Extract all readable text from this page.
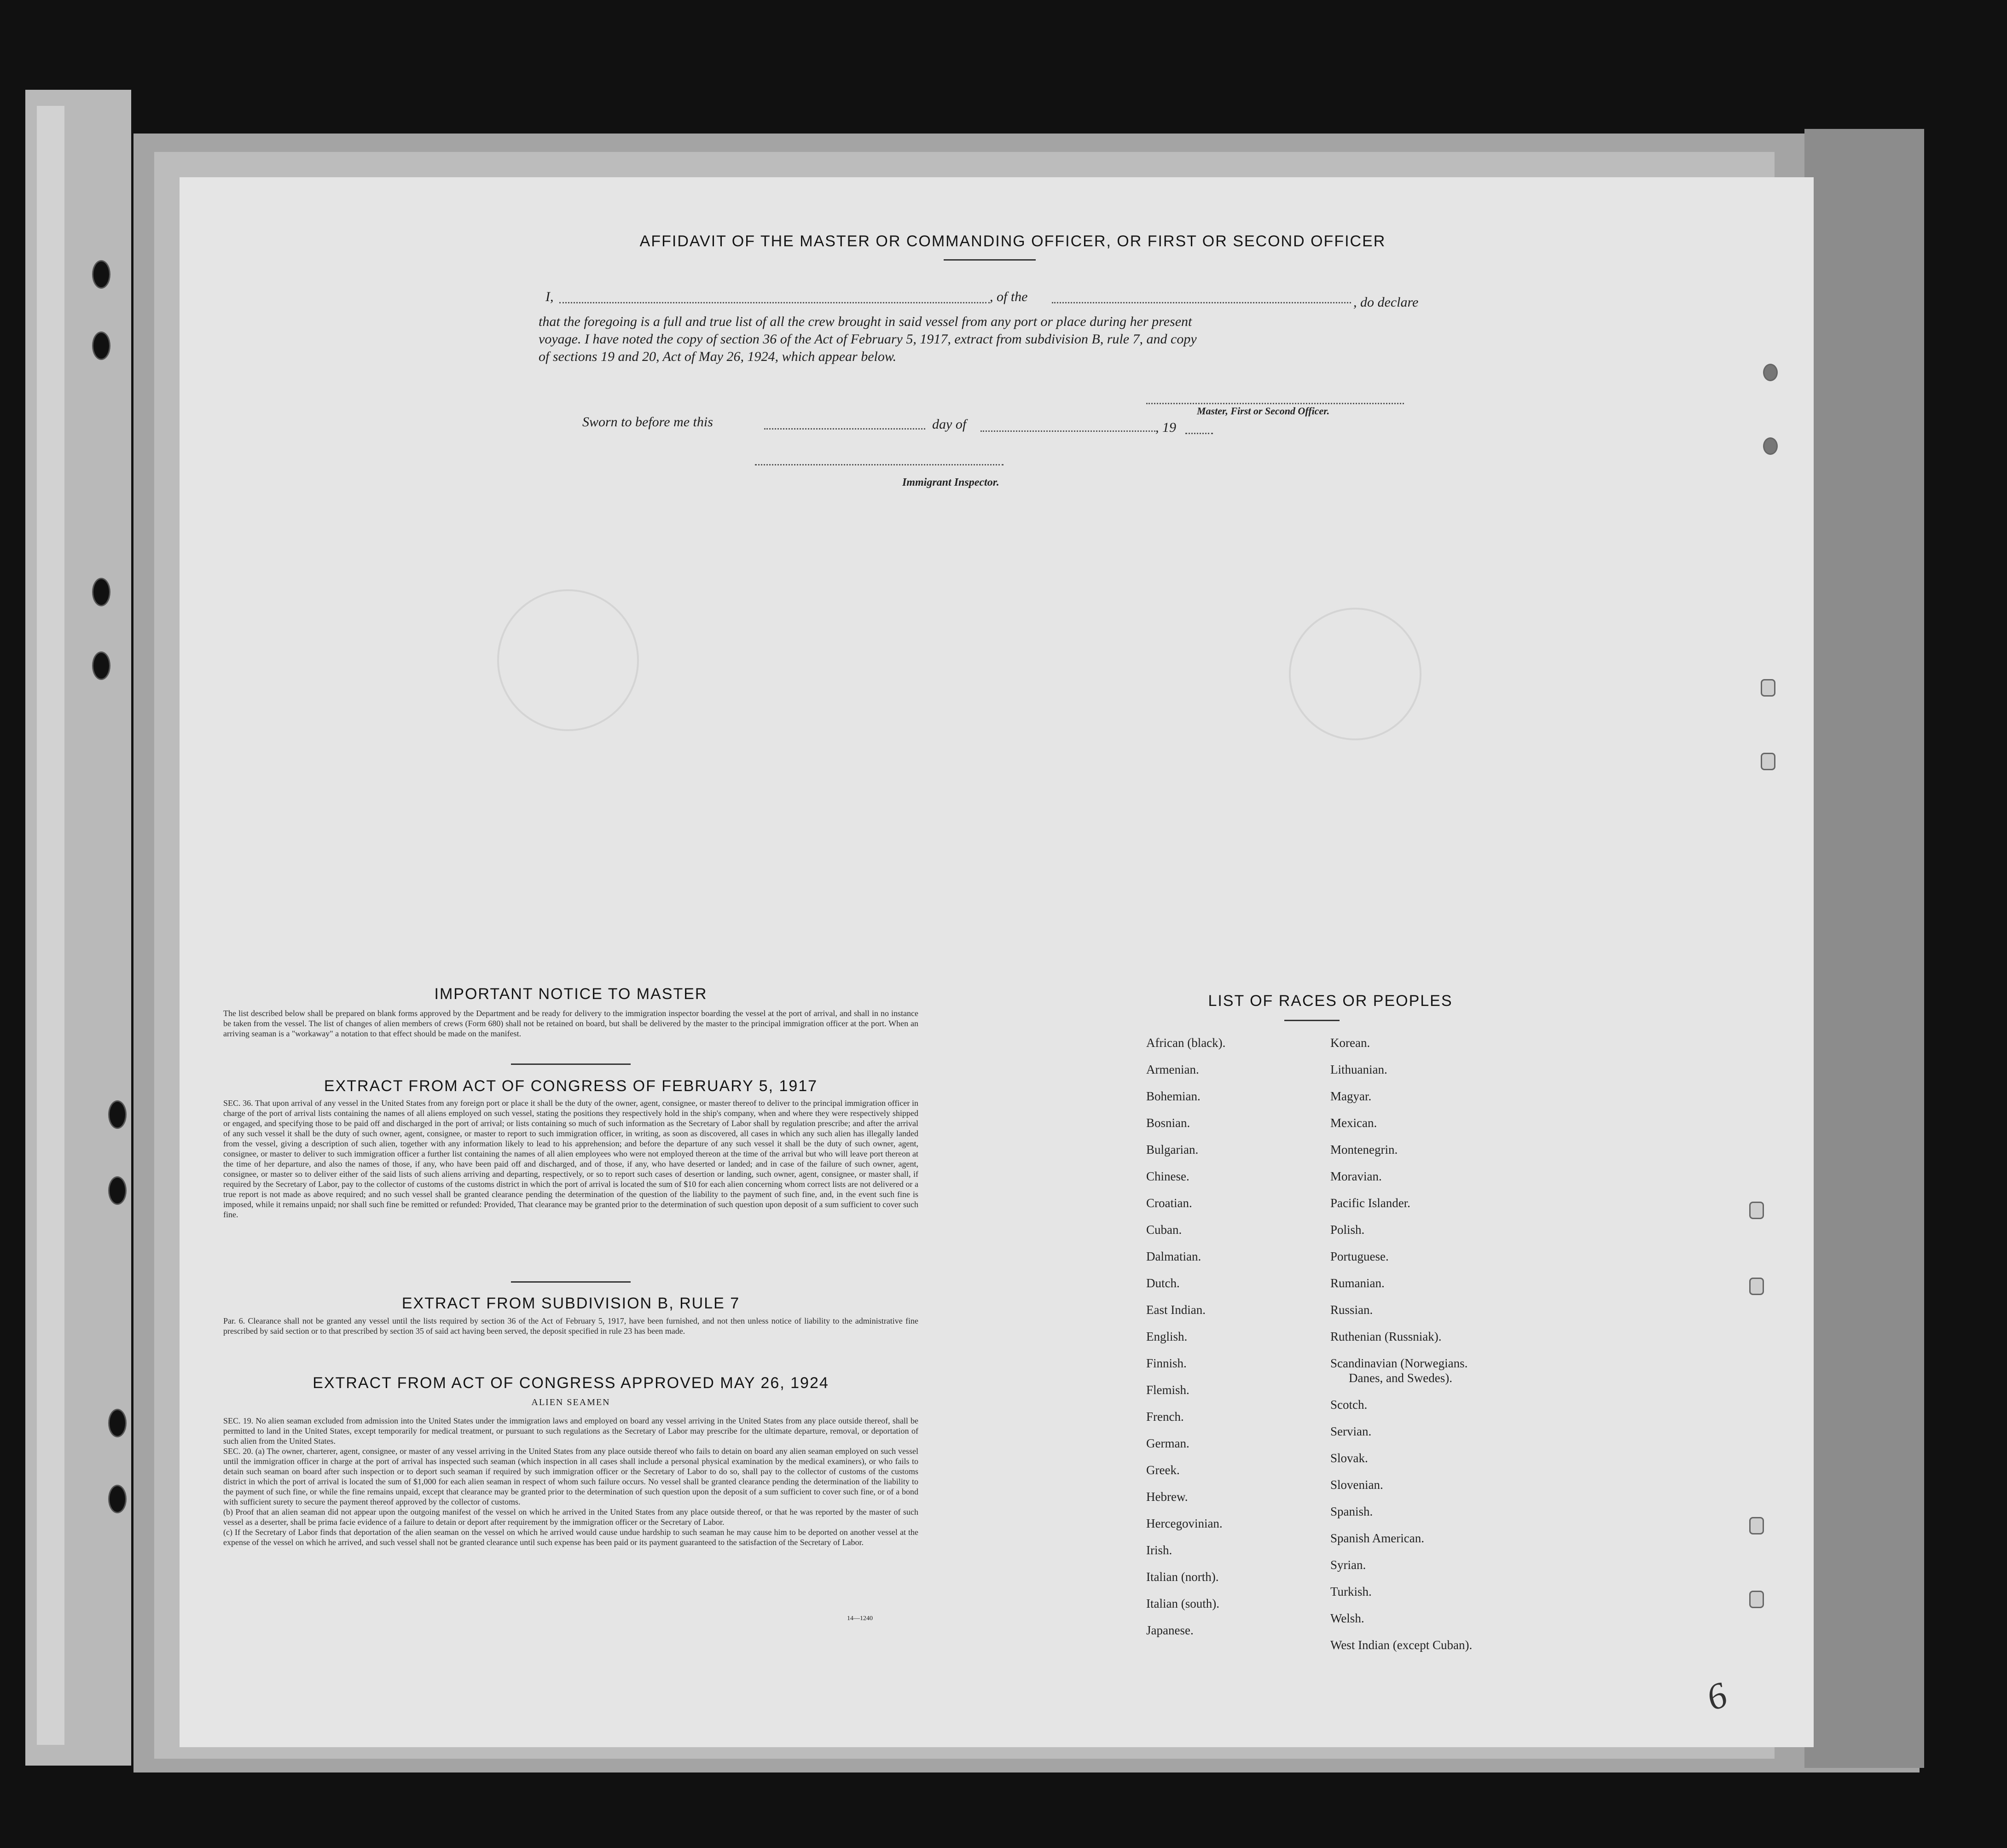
AFFIDAVIT OF THE MASTER OR COMMANDING OFFICER, OR FIRST OR SECOND OFFICER
I,	, of the	, do declare
that the foregoing is a full and true list of all the crew brought in said vessel from any port or place during her present
voyage. I have noted the copy of section 36 of the Act of February 5, 1917, extract from subdivision B, rule 7, and copy
of sections 19 and 20, Act of May 26, 1924, which appear below.
Master, First or Second Officer.
Sworn to before me this	day of	, 19
Immigrant Inspector.
IMPORTANT NOTICE TO MASTER
The list described below shall be prepared on blank forms approved by the Department and be ready for delivery to the immigration inspector boarding the vessel at the port of arrival, and shall in no instance be taken from the vessel. The list of changes of alien members of crews (Form 680) shall not be retained on board, but shall be delivered by the master to the principal immigration officer at the port. When an arriving seaman is a "workaway" a notation to that effect should be made on the manifest.
EXTRACT FROM ACT OF CONGRESS OF FEBRUARY 5, 1917
SEC. 36. That upon arrival of any vessel in the United States from any foreign port or place it shall be the duty of the owner, agent, consignee, or master thereof to deliver to the principal immigration officer in charge of the port of arrival lists containing the names of all aliens employed on such vessel, stating the positions they respectively hold in the ship's company, when and where they were respectively shipped or engaged, and specifying those to be paid off and discharged in the port of arrival; or lists containing so much of such information as the Secretary of Labor shall by regulation prescribe; and after the arrival of any such vessel it shall be the duty of such owner, agent, consignee, or master to report to such immigration officer, in writing, as soon as discovered, all cases in which any such alien has illegally landed from the vessel, giving a description of such alien, together with any information likely to lead to his apprehension; and before the departure of any such vessel it shall be the duty of such owner, agent, consignee, or master to deliver to such immigration officer a further list containing the names of all alien employees who were not employed thereon at the time of the arrival but who will leave port thereon at the time of her departure, and also the names of those, if any, who have been paid off and discharged, and of those, if any, who have deserted or landed; and in case of the failure of such owner, agent, consignee, or master so to deliver either of the said lists of such aliens arriving and departing, respectively, or so to report such cases of desertion or landing, such owner, agent, consignee, or master shall, if required by the Secretary of Labor, pay to the collector of customs of the customs district in which the port of arrival is located the sum of $10 for each alien concerning whom correct lists are not delivered or a true report is not made as above required; and no such vessel shall be granted clearance pending the determination of the question of the liability to the payment of such fine, and, in the event such fine is imposed, while it remains unpaid; nor shall such fine be remitted or refunded: Provided, That clearance may be granted prior to the determination of such question upon deposit of a sum sufficient to cover such fine.
EXTRACT FROM SUBDIVISION B, RULE 7
Par. 6. Clearance shall not be granted any vessel until the lists required by section 36 of the Act of February 5, 1917, have been furnished, and not then unless notice of liability to the administrative fine prescribed by said section or to that prescribed by section 35 of said act having been served, the deposit specified in rule 23 has been made.
EXTRACT FROM ACT OF CONGRESS APPROVED MAY 26, 1924
ALIEN SEAMEN
SEC. 19. No alien seaman excluded from admission into the United States under the immigration laws and employed on board any vessel arriving in the United States from any place outside thereof, shall be permitted to land in the United States, except temporarily for medical treatment, or pursuant to such regulations as the Secretary of Labor may prescribe for the ultimate departure, removal, or deportation of such alien from the United States.
SEC. 20. (a) The owner, charterer, agent, consignee, or master of any vessel arriving in the United States from any place outside thereof who fails to detain on board any alien seaman employed on such vessel until the immigration officer in charge at the port of arrival has inspected such seaman (which inspection in all cases shall include a personal physical examination by the medical examiners), or who fails to detain such seaman on board after such inspection or to deport such seaman if required by such immigration officer or the Secretary of Labor to do so, shall pay to the collector of customs of the customs district in which the port of arrival is located the sum of $1,000 for each alien seaman in respect of whom such failure occurs. No vessel shall be granted clearance pending the determination of the liability to the payment of such fine, or while the fine remains unpaid, except that clearance may be granted prior to the determination of such question upon the deposit of a sum sufficient to cover such fine, or of a bond with sufficient surety to secure the payment thereof approved by the collector of customs.
(b) Proof that an alien seaman did not appear upon the outgoing manifest of the vessel on which he arrived in the United States from any place outside thereof, or that he was reported by the master of such vessel as a deserter, shall be prima facie evidence of a failure to detain or deport after requirement by the immigration officer or the Secretary of Labor.
(c) If the Secretary of Labor finds that deportation of the alien seaman on the vessel on which he arrived would cause undue hardship to such seaman he may cause him to be deported on another vessel at the expense of the vessel on which he arrived, and such vessel shall not be granted clearance until such expense has been paid or its payment guaranteed to the satisfaction of the Secretary of Labor.
14—1240
LIST OF RACES OR PEOPLES
African (black).
Armenian.
Bohemian.
Bosnian.
Bulgarian.
Chinese.
Croatian.
Cuban.
Dalmatian.
Dutch.
East Indian.
English.
Finnish.
Flemish.
French.
German.
Greek.
Hebrew.
Hercegovinian.
Irish.
Italian (north).
Italian (south).
Japanese.
Korean.
Lithuanian.
Magyar.
Mexican.
Montenegrin.
Moravian.
Pacific Islander.
Polish.
Portuguese.
Rumanian.
Russian.
Ruthenian (Russniak).
Scandinavian (Norwegians.
Danes, and Swedes).
Scotch.
Servian.
Slovak.
Slovenian.
Spanish.
Spanish American.
Syrian.
Turkish.
Welsh.
West Indian (except Cuban).
6
